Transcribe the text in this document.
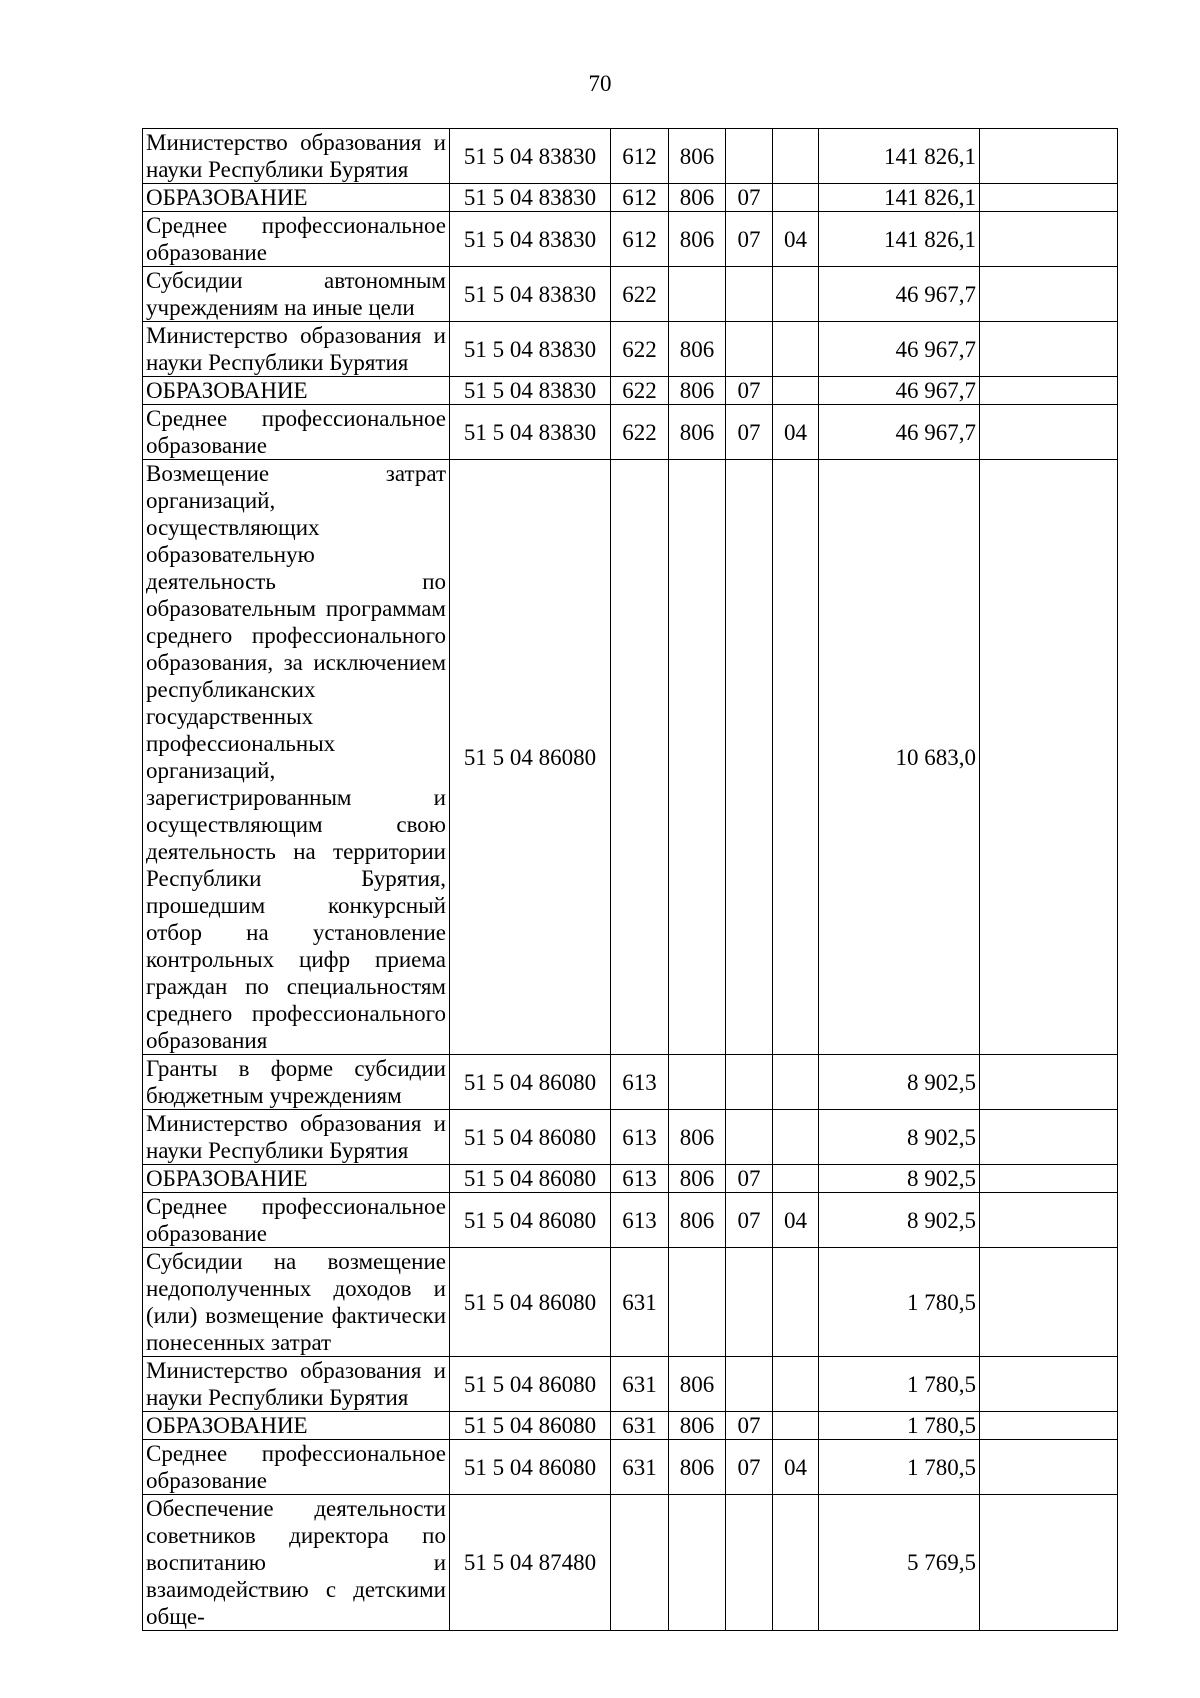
70
Министерство образования и науки Республики Бурятия	51 5 04 83830	612	806			141 826,1	
ОБРАЗОВАНИЕ	51 5 04 83830	612	806	07		141 826,1	
Среднее профессиональное образование	51 5 04 83830	612	806	07	04	141 826,1	
Субсидии автономным учреждениям на иные цели	51 5 04 83830	622				46 967,7	
Министерство образования и науки Республики Бурятия	51 5 04 83830	622	806			46 967,7	
ОБРАЗОВАНИЕ	51 5 04 83830	622	806	07		46 967,7	
Среднее профессиональное образование	51 5 04 83830	622	806	07	04	46 967,7	
Возмещение затрат организаций, осуществляющих образовательную деятельность по образовательным программам среднего профессионального образования, за исключением республиканских государственных профессиональных организаций, зарегистрированным и осуществляющим свою деятельность на территории Республики Бурятия, прошедшим конкурсный отбор на установление контрольных цифр приема граждан по специальностям среднего профессионального образования	51 5 04 86080					10 683,0	
Гранты в форме субсидии бюджетным учреждениям	51 5 04 86080	613				8 902,5	
Министерство образования и науки Республики Бурятия	51 5 04 86080	613	806			8 902,5	
ОБРАЗОВАНИЕ	51 5 04 86080	613	806	07		8 902,5	
Среднее профессиональное образование	51 5 04 86080	613	806	07	04	8 902,5	
Субсидии на возмещение недополученных доходов и (или) возмещение фактически понесенных затрат	51 5 04 86080	631				1 780,5	
Министерство образования и науки Республики Бурятия	51 5 04 86080	631	806			1 780,5	
ОБРАЗОВАНИЕ	51 5 04 86080	631	806	07		1 780,5	
Среднее профессиональное образование	51 5 04 86080	631	806	07	04	1 780,5	
Обеспечение деятельности советников директора по воспитанию и взаимодействию с детскими обще-	51 5 04 87480					5 769,5	
